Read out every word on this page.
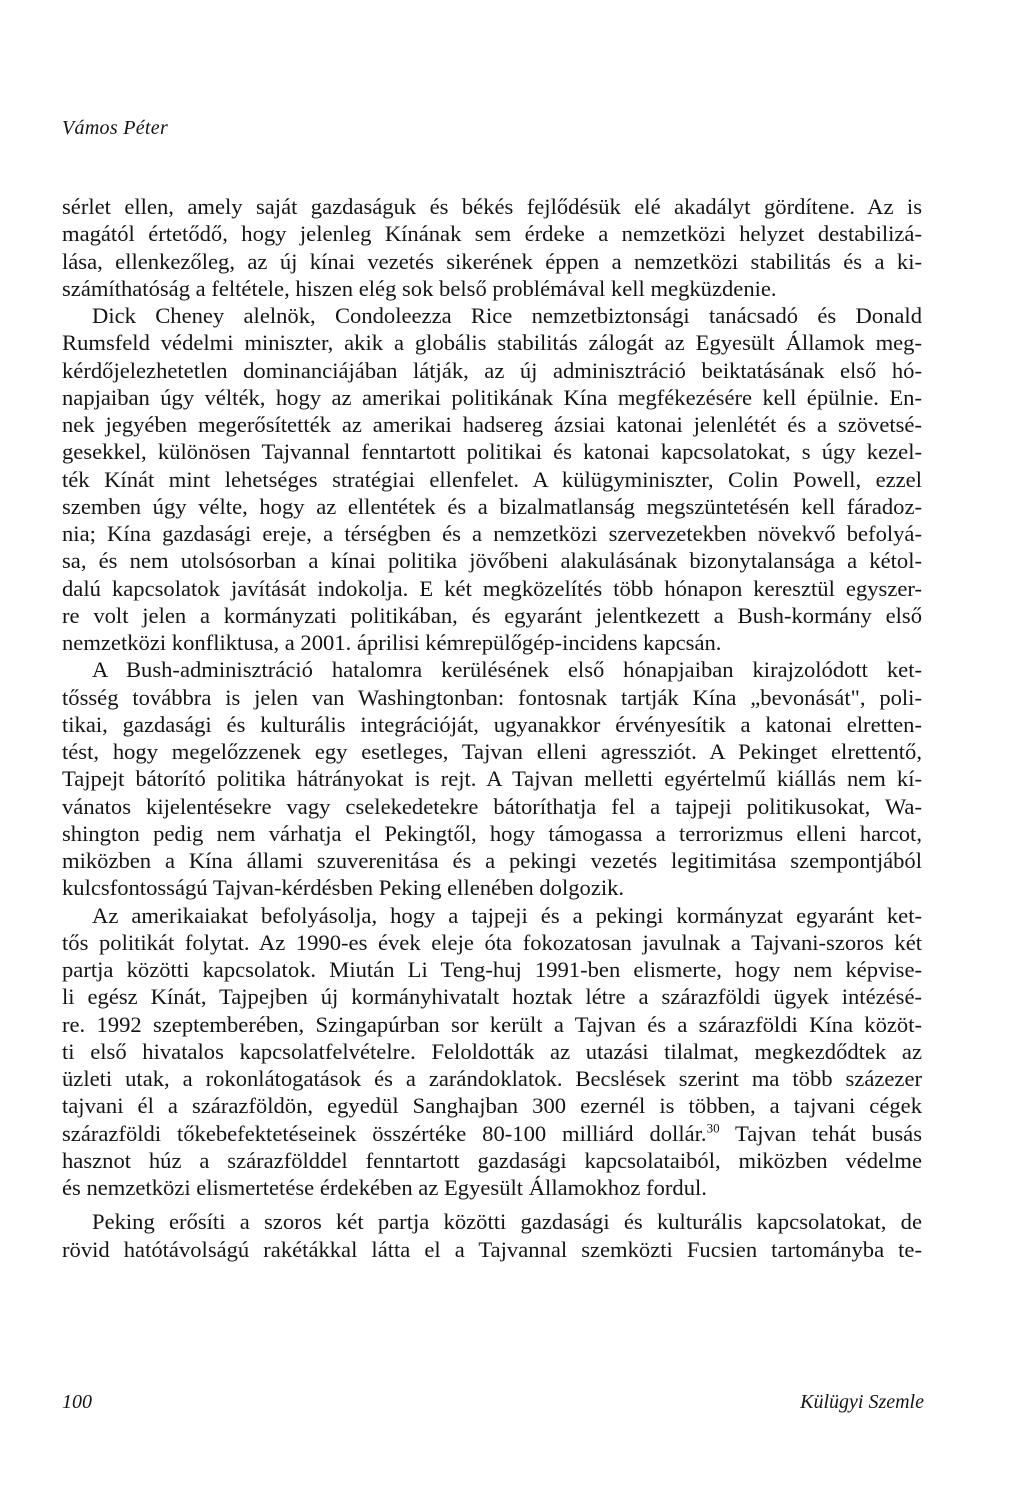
Vámos Péter
sérlet ellen, amely saját gazdaságuk és békés fejlődésük elé akadályt gördítene. Az is
magától értetődő, hogy jelenleg Kínának sem érdeke a nemzetközi helyzet destabilizá-
lása, ellenkezőleg, az új kínai vezetés sikerének éppen a nemzetközi stabilitás és a ki-
számíthatóság a feltétele, hiszen elég sok belső problémával kell megküzdenie.
Dick Cheney alelnök, Condoleezza Rice nemzetbiztonsági tanácsadó és Donald
Rumsfeld védelmi miniszter, akik a globális stabilitás zálogát az Egyesült Államok meg-
kérdőjelezhetetlen dominanciájában látják, az új adminisztráció beiktatásának első hó-
napjaiban úgy vélték, hogy az amerikai politikának Kína megfékezésére kell épülnie. En-
nek jegyében megerősítették az amerikai hadsereg ázsiai katonai jelenlétét és a szövetsé-
gesekkel, különösen Tajvannal fenntartott politikai és katonai kapcsolatokat, s úgy kezel-
ték Kínát mint lehetséges stratégiai ellenfelet. A külügyminiszter, Colin Powell, ezzel
szemben úgy vélte, hogy az ellentétek és a bizalmatlanság megszüntetésén kell fáradoz-
nia; Kína gazdasági ereje, a térségben és a nemzetközi szervezetekben növekvő befolyá-
sa, és nem utolsósorban a kínai politika jövőbeni alakulásának bizonytalansága a kétol-
dalú kapcsolatok javítását indokolja. E két megközelítés több hónapon keresztül egyszer-
re volt jelen a kormányzati politikában, és egyaránt jelentkezett a Bush-kormány első
nemzetközi konfliktusa, a 2001. áprilisi kémrepülőgép-incidens kapcsán.
A Bush-adminisztráció hatalomra kerülésének első hónapjaiban kirajzolódott ket-
tősség továbbra is jelen van Washingtonban: fontosnak tartják Kína „bevonását", poli-
tikai, gazdasági és kulturális integrációját, ugyanakkor érvényesítik a katonai elretten-
tést, hogy megelőzzenek egy esetleges, Tajvan elleni agressziót. A Pekinget elrettentő,
Tajpejt bátorító politika hátrányokat is rejt. A Tajvan melletti egyértelmű kiállás nem kí-
vánatos kijelentésekre vagy cselekedetekre bátoríthatja fel a tajpeji politikusokat, Wa-
shington pedig nem várhatja el Pekingtől, hogy támogassa a terrorizmus elleni harcot,
miközben a Kína állami szuverenitása és a pekingi vezetés legitimitása szempontjából
kulcsfontosságú Tajvan-kérdésben Peking ellenében dolgozik.
Az amerikaiakat befolyásolja, hogy a tajpeji és a pekingi kormányzat egyaránt ket-
tős politikát folytat. Az 1990-es évek eleje óta fokozatosan javulnak a Tajvani-szoros két
partja közötti kapcsolatok. Miután Li Teng-huj 1991-ben elismerte, hogy nem képvise-
li egész Kínát, Tajpejben új kormányhivatalt hoztak létre a szárazföldi ügyek intézésé-
re. 1992 szeptemberében, Szingapúrban sor került a Tajvan és a szárazföldi Kína közöt-
ti első hivatalos kapcsolatfelvételre. Feloldották az utazási tilalmat, megkezdődtek az
üzleti utak, a rokonlátogatások és a zarándoklatok. Becslések szerint ma több százezer
tajvani él a szárazföldön, egyedül Sanghajban 300 ezernél is többen, a tajvani cégek
szárazföldi tőkebefektetéseinek összértéke 80-100 milliárd dollár.$^{30}$ Tajvan tehát busás
hasznot húz a szárazfölddel fenntartott gazdasági kapcsolataiból, miközben védelme
és nemzetközi elismertetése érdekében az Egyesült Államokhoz fordul.
Peking erősíti a szoros két partja közötti gazdasági és kulturális kapcsolatokat, de
rövid hatótávolságú rakétákkal látta el a Tajvannal szemközti Fucsien tartományba te-
100	Külügyi Szemle
